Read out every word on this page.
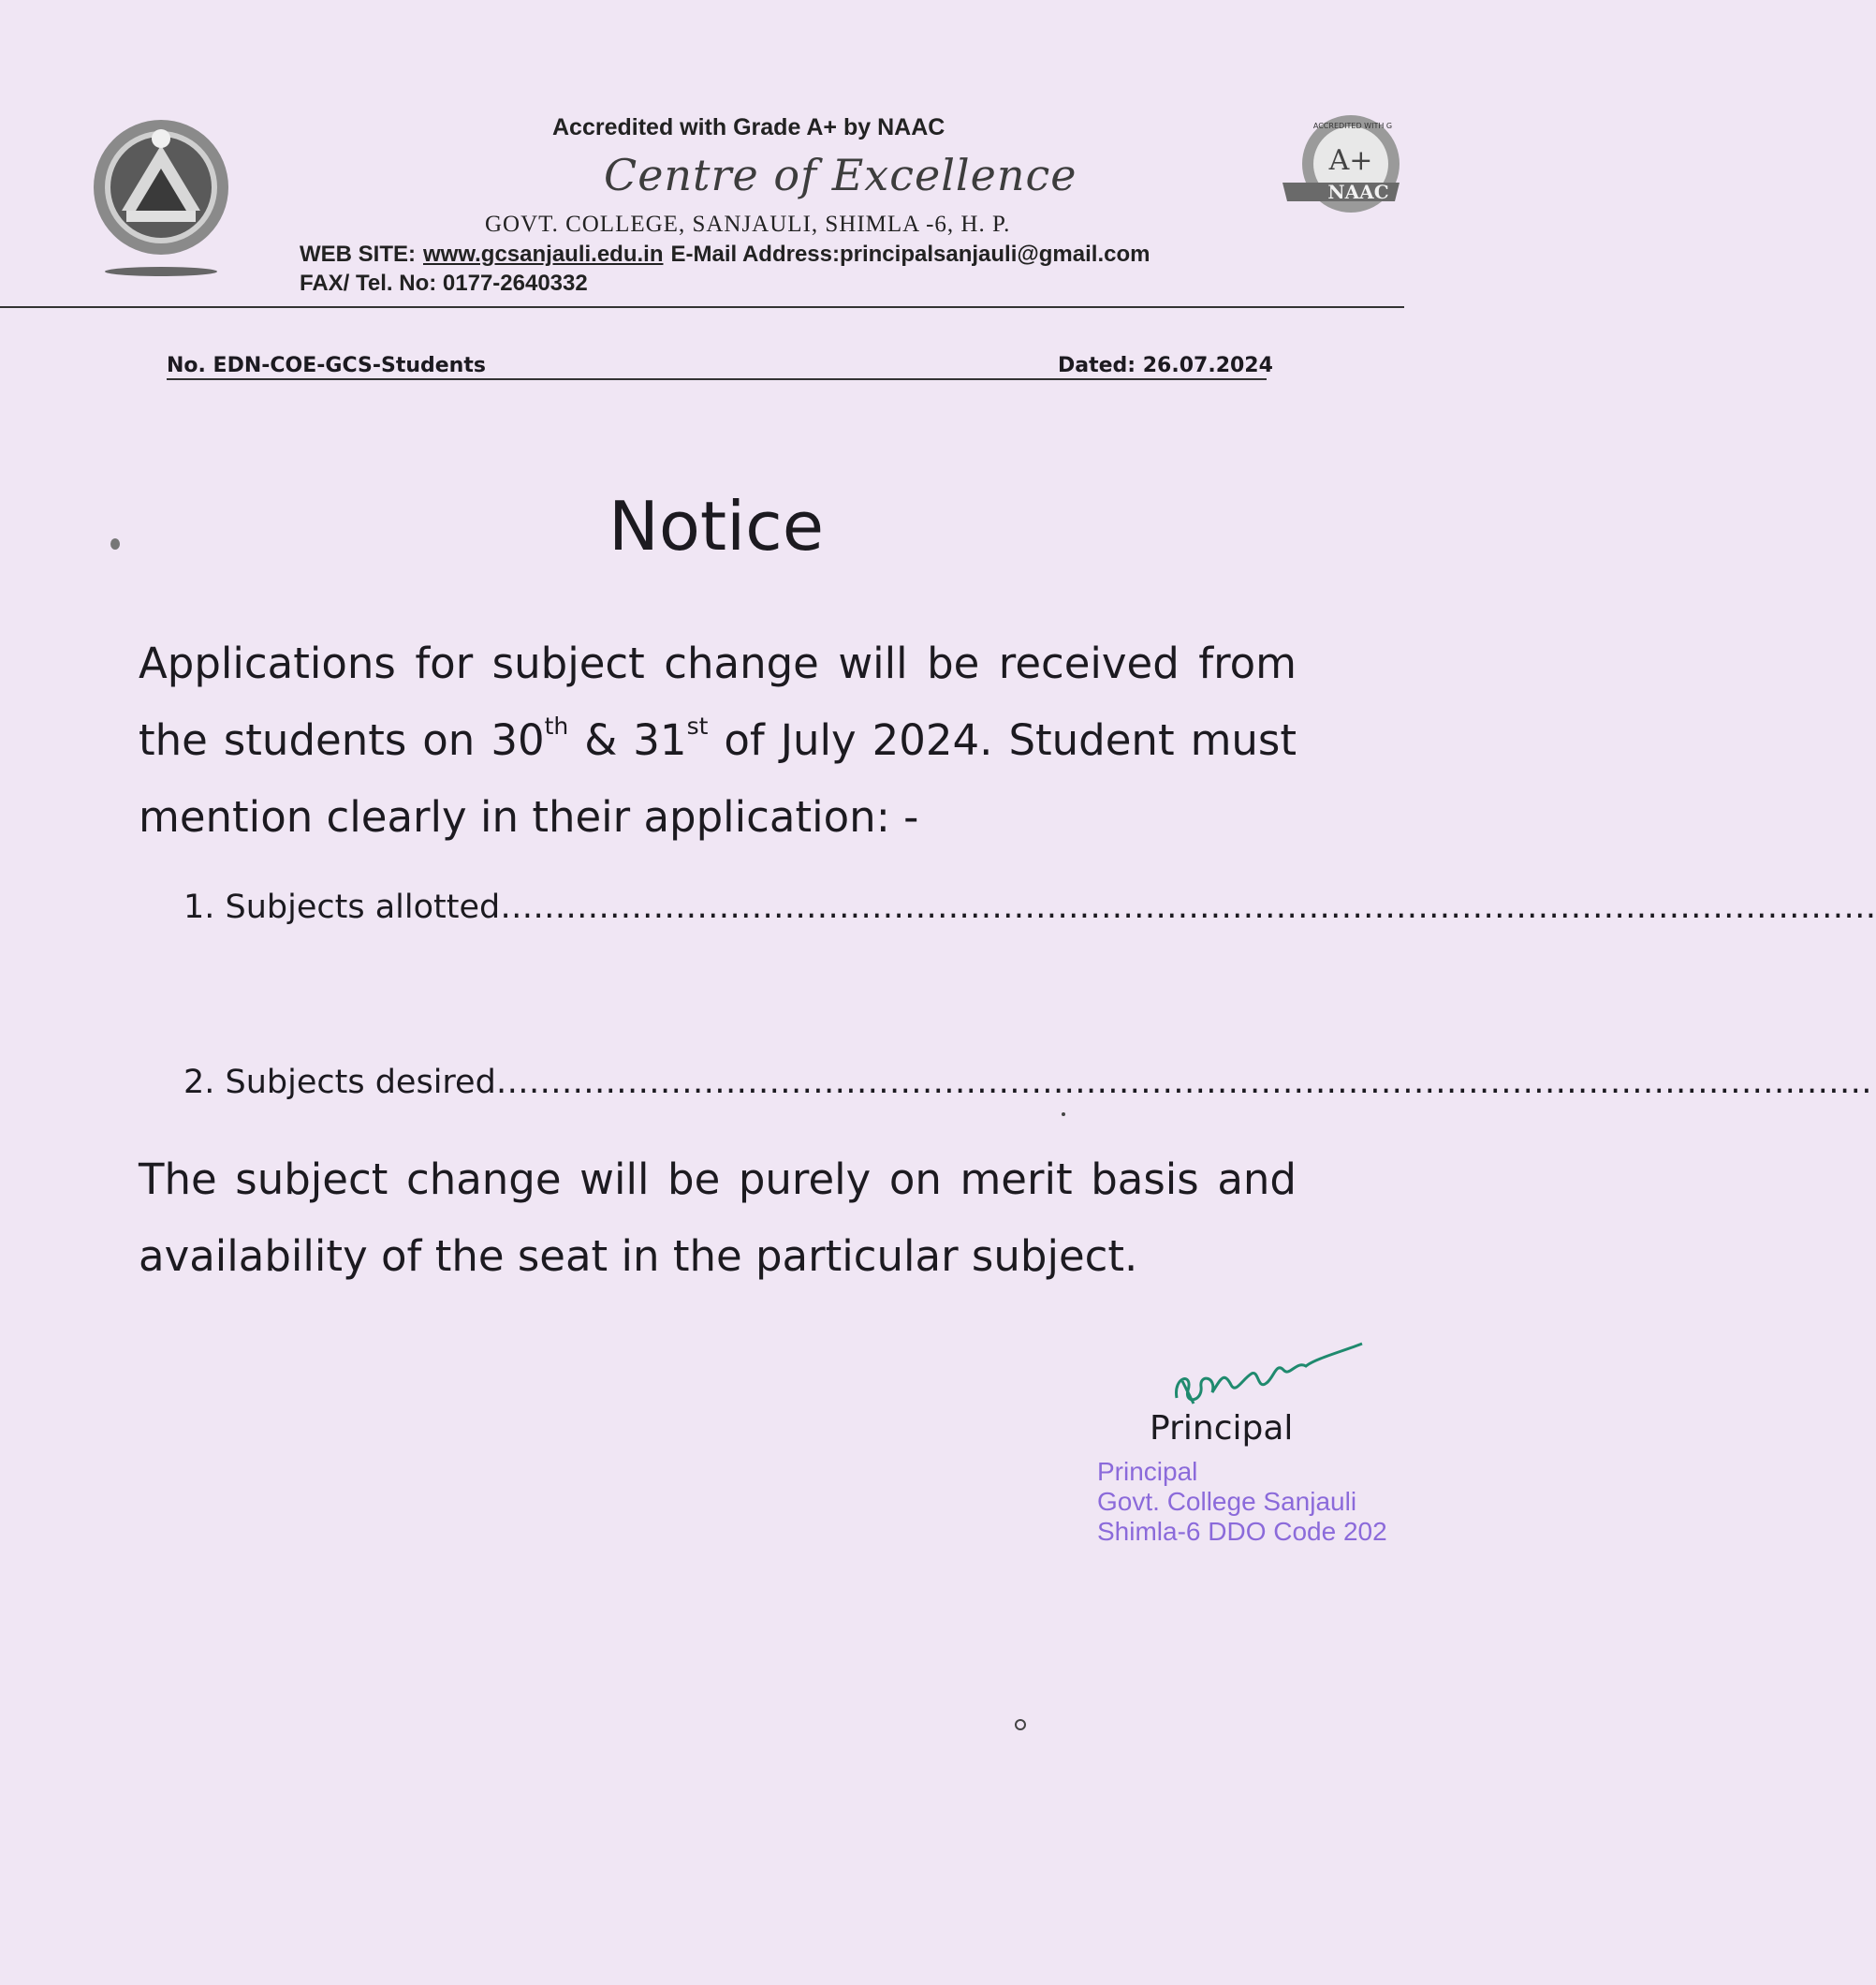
A+
NAAC
ACCREDITED WITH G
Accredited with Grade A+ by NAAC
Centre of Excellence
GOVT. COLLEGE, SANJAULI, SHIMLA -6, H. P.
WEB SITE: www.gcsanjauli.edu.in E-Mail Address:principalsanjauli@gmail.com
FAX/ Tel. No: 0177-2640332
No. EDN-COE-GCS-Students	Dated: 26.07.2024
Notice
Applications for subject change will be received from the students on 30th & 31st of July 2024. Student must mention clearly in their application: -
1. Subjects allotted………………………………………………………………………………………………………………
2. Subjects desired………………………………………………………………………………………………………………
The subject change will be purely on merit basis and availability of the seat in the particular subject.
BBlogra
Principal
Principal
Govt. College Sanjauli
Shimla-6 DDO Code 202
